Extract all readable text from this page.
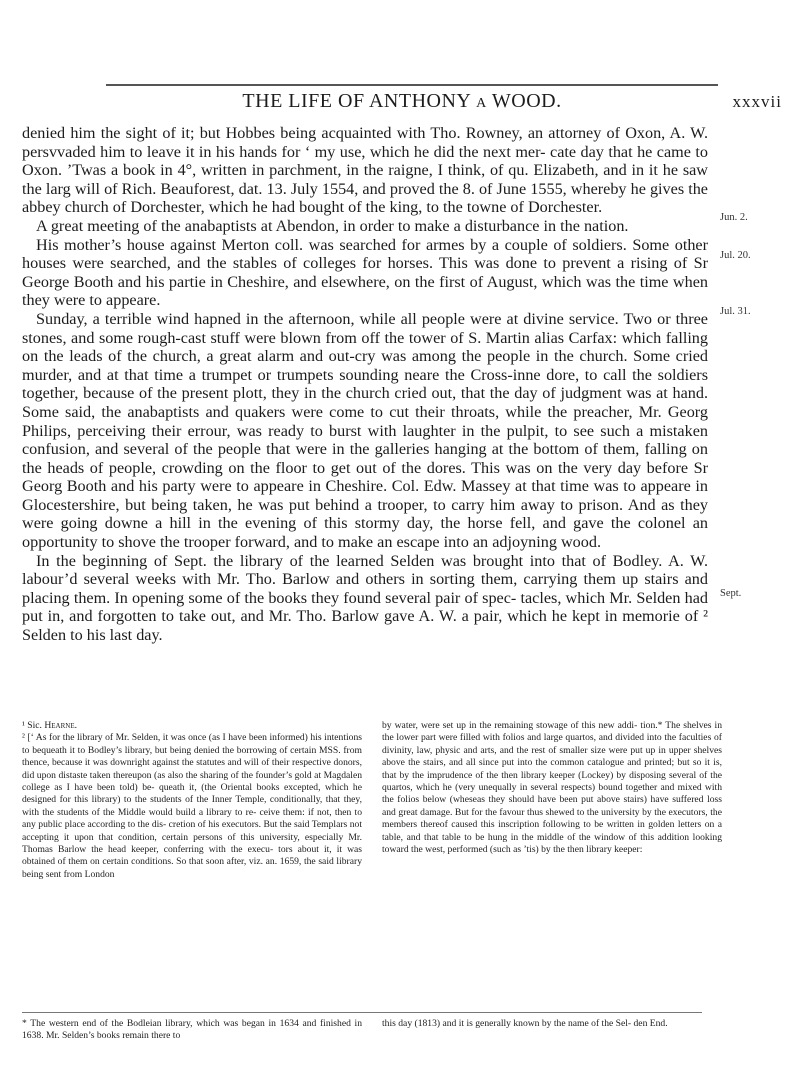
THE LIFE OF ANTHONY A WOOD.	xxxvii

denied him the sight of it; but Hobbes being acquainted with Tho. Rowney, an attorney of Oxon, A. W. persvvaded him to leave it in his hands for ‘ my use, which he did the next mer- cate day that he came to Oxon. ’Twas a book in 4°, written in parchment, in the raigne, I think, of qu. Elizabeth, and in it he saw the larg will of Rich. Beauforest, dat. 13. July 1554, and proved the 8. of June 1555, whereby he gives the abbey church of Dorchester, which he had bought of the king, to the towne of Dorchester.

A great meeting of the anabaptists at Abendon, in order to make a disturbance in the nation.

His mother’s house against Merton coll. was searched for armes by a couple of soldiers. Some other houses were searched, and the stables of colleges for horses. This was done to prevent a rising of Sr George Booth and his partie in Cheshire, and elsewhere, on the first of August, which was the time when they were to appeare.

Sunday, a terrible wind hapned in the afternoon, while all people were at divine service. Two or three stones, and some rough-cast stuff were blown from off the tower of S. Martin alias Carfax: which falling on the leads of the church, a great alarm and out-cry was among the people in the church. Some cried murder, and at that time a trumpet or trumpets sounding neare the Cross-inne dore, to call the soldiers together, because of the present plott, they in the church cried out, that the day of judgment was at hand. Some said, the anabaptists and quakers were come to cut their throats, while the preacher, Mr. Georg Philips, perceiving their errour, was ready to burst with laughter in the pulpit, to see such a mistaken confusion, and several of the people that were in the galleries hanging at the bottom of them, falling on the heads of people, crowding on the floor to get out of the dores. This was on the very day before Sr Georg Booth and his party were to appeare in Cheshire. Col. Edw. Massey at that time was to appeare in Glocestershire, but being taken, he was put behind a trooper, to carry him away to prison. And as they were going downe a hill in the evening of this stormy day, the horse fell, and gave the colonel an opportunity to shove the trooper forward, and to make an escape into an adjoyning wood.

In the beginning of Sept. the library of the learned Selden was brought into that of Bodley. A. W. labour’d several weeks with Mr. Tho. Barlow and others in sorting them, carrying them up stairs and placing them. In opening some of the books they found several pair of spec- tacles, which Mr. Selden had put in, and forgotten to take out, and Mr. Tho. Barlow gave A. W. a pair, which he kept in memorie of ² Selden to his last day.

Jun. 2.
Jul. 20.
Jul. 31.
Sept.

¹ Sic. Hearne.

² [‘ As for the library of Mr. Selden, it was once (as I have been informed) his intentions to bequeath it to Bodley’s library, but being denied the borrowing of certain MSS. from thence, because it was downright against the statutes and will of their respective donors, did upon distaste taken thereupon (as also the sharing of the founder’s gold at Magdalen college as I have been told) be- queath it, (the Oriental books excepted, which he designed for this library) to the students of the Inner Temple, conditionally, that they, with the students of the Middle would build a library to re- ceive them: if not, then to any public place according to the dis- cretion of his executors. But the said Templars not accepting it upon that condition, certain persons of this university, especially Mr. Thomas Barlow the head keeper, conferring with the execu- tors about it, it was obtained of them on certain conditions. So that soon after, viz. an. 1659, the said library being sent from London

by water, were set up in the remaining stowage of this new addi- tion.* The shelves in the lower part were filled with folios and large quartos, and divided into the faculties of divinity, law, physic and arts, and the rest of smaller size were put up in upper shelves above the stairs, and all since put into the common catalogue and printed; but so it is, that by the imprudence of the then library keeper (Lockey) by disposing several of the quartos, which he (very unequally in several respects) bound together and mixed with the folios below (wheseas they should have been put above stairs) have suffered loss and great damage. But for the favour thus shewed to the university by the executors, the members thereof caused this inscription following to be written in golden letters on a table, and that table to be hung in the middle of the window of this addition looking toward the west, performed (such as ’tis) by the then library keeper:

* The western end of the Bodleian library, which was began in 1634 and finished in 1638. Mr. Selden’s books remain there to
this day (1813) and it is generally known by the name of the Sel- den End.
